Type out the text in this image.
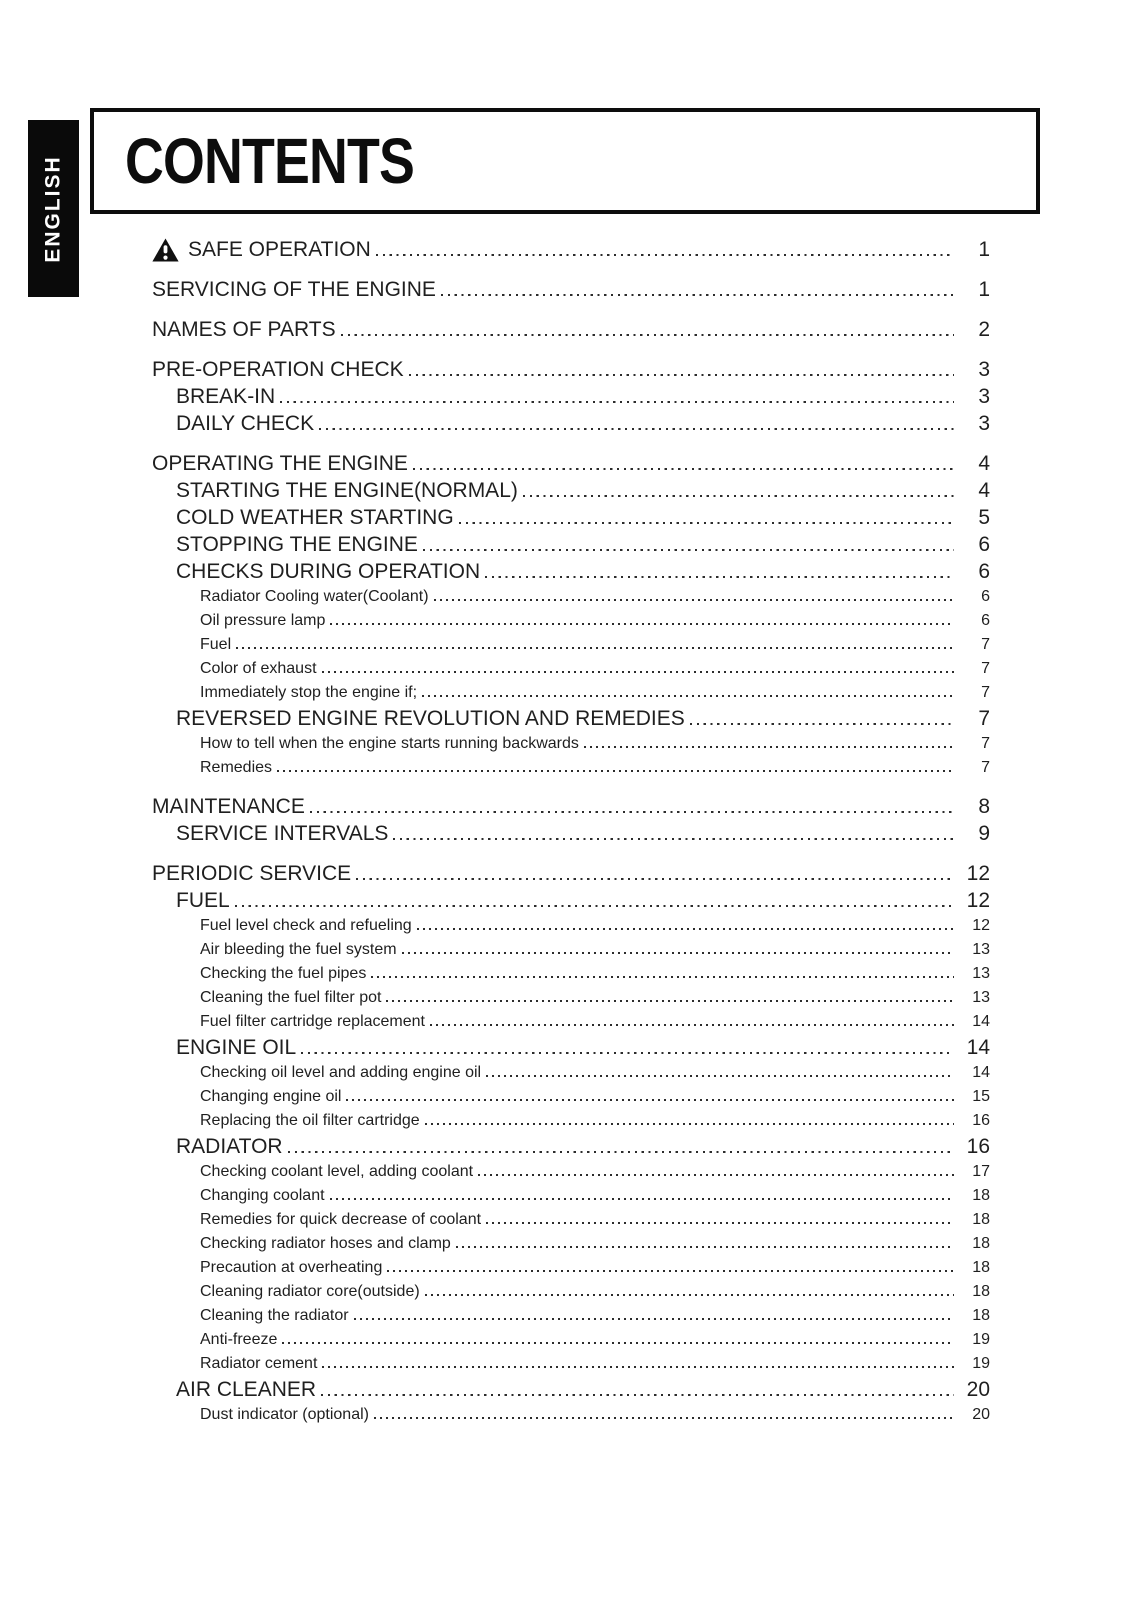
ENGLISH CONTENTS
SAFE OPERATION	1
SERVICING OF THE ENGINE	1
NAMES OF PARTS	2
PRE-OPERATION CHECK	3
BREAK-IN	3
DAILY CHECK	3
OPERATING THE ENGINE	4
STARTING THE ENGINE(NORMAL)	4
COLD WEATHER STARTING	5
STOPPING THE ENGINE	6
CHECKS DURING OPERATION	6
Radiator Cooling water(Coolant)	6
Oil pressure lamp	6
Fuel	7
Color of exhaust	7
Immediately stop the engine if;	7
REVERSED ENGINE REVOLUTION AND REMEDIES	7
How to tell when the engine starts running backwards	7
Remedies	7
MAINTENANCE	8
SERVICE INTERVALS	9
PERIODIC SERVICE	12
FUEL	12
Fuel level check and refueling	12
Air bleeding the fuel system	13
Checking the fuel pipes	13
Cleaning the fuel filter pot	13
Fuel filter cartridge replacement	14
ENGINE OIL	14
Checking oil level and adding engine oil	14
Changing engine oil	15
Replacing the oil filter cartridge	16
RADIATOR	16
Checking coolant level, adding coolant	17
Changing coolant	18
Remedies for quick decrease of coolant	18
Checking radiator hoses and clamp	18
Precaution at overheating	18
Cleaning radiator core(outside)	18
Cleaning the radiator	18
Anti-freeze	19
Radiator cement	19
AIR CLEANER	20
Dust indicator (optional)	20
